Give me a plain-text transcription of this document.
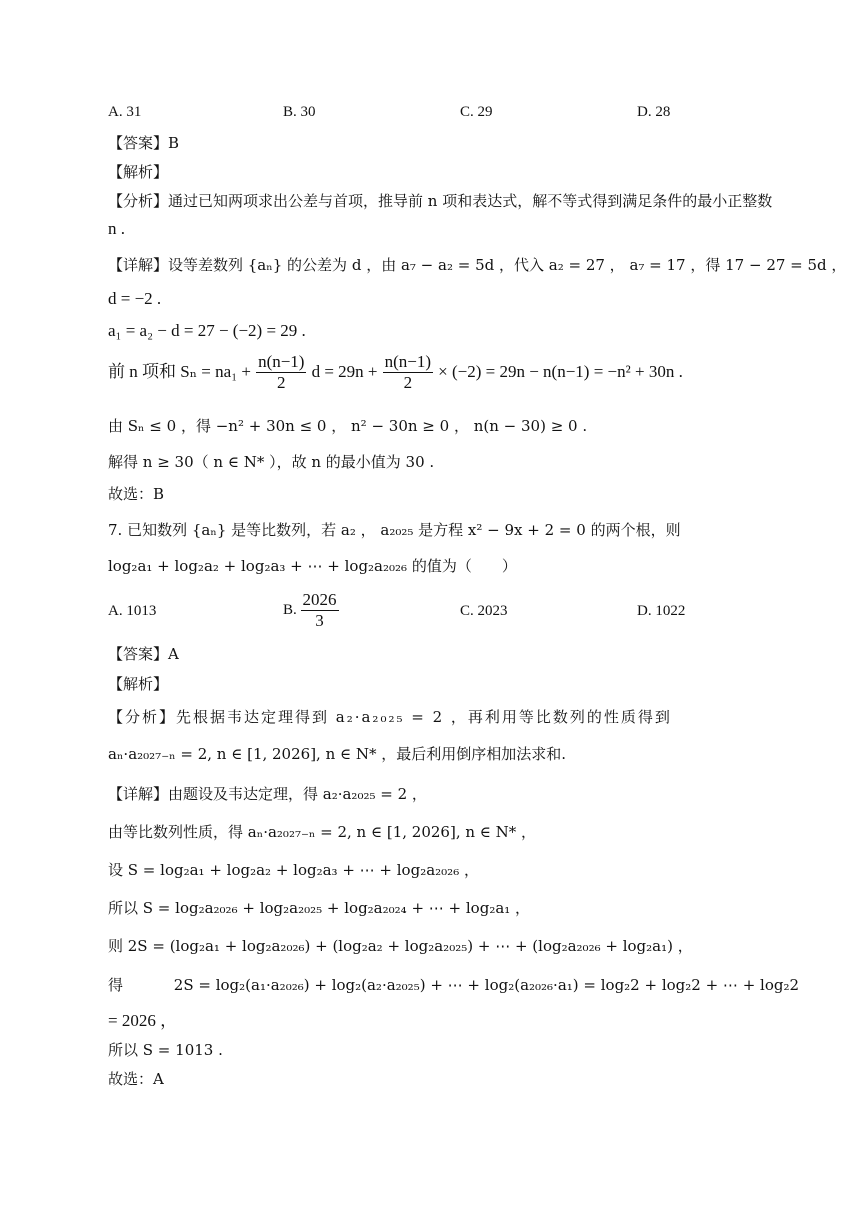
A. 31	B. 30	C. 29	D. 28
【答案】B
【解析】
【分析】通过已知两项求出公差与首项，推导前 n 项和表达式，解不等式得到满足条件的最小正整数
n .
【详解】设等差数列 {aₙ} 的公差为 d ，由 a₇ − a₂ = 5d ，代入 a₂ = 27 ， a₇ = 17 ，得 17 − 27 = 5d ，
d = −2 .
a₁ = a₂ − d = 27 − (−2) = 29 .
前 n 项和 $S_n = na_1 + \frac{n(n-1)}{2}$ $d = 29n + \frac{n(n-1)}{2} \times (-2) = 29n - n(n-1) = -n^2 + 30n$ .
由 Sₙ ≤ 0 ，得 −n² + 30n ≤ 0 ， n² − 30n ≥ 0 ， n(n − 30) ≥ 0 .
解得 n ≥ 30（ n ∈ N* ），故 n 的最小值为 30 .
故选：B
7. 已知数列 {aₙ} 是等比数列，若 a₂ ， a₂₀₂₅ 是方程 x² − 9x + 2 = 0 的两个根，则
log₂a₁ + log₂a₂ + log₂a₃ + ⋯ + log₂a₂₀₂₆ 的值为（　　）
A. 1013	B. $\frac{2026}{3}$	C. 2023	D. 1022
【答案】A
【解析】
【分析】先根据韦达定理得到 a₂·a₂₀₂₅ = 2 ，再利用等比数列的性质得到
aₙ·a₂₀₂₇₋ₙ = 2, n ∈ [1, 2026], n ∈ N* ，最后利用倒序相加法求和.
【详解】由题设及韦达定理，得 a₂·a₂₀₂₅ = 2 ，
由等比数列性质，得 aₙ·a₂₀₂₇₋ₙ = 2, n ∈ [1, 2026], n ∈ N* ，
设 S = log₂a₁ + log₂a₂ + log₂a₃ + ⋯ + log₂a₂₀₂₆ ，
所以 S = log₂a₂₀₂₆ + log₂a₂₀₂₅ + log₂a₂₀₂₄ + ⋯ + log₂a₁ ，
则 2S = (log₂a₁ + log₂a₂₀₂₆) + (log₂a₂ + log₂a₂₀₂₅) + ⋯ + (log₂a₂₀₂₆ + log₂a₁) ，
得	2S = log₂(a₁·a₂₀₂₆) + log₂(a₂·a₂₀₂₅) + ⋯ + log₂(a₂₀₂₆·a₁) = log₂2 + log₂2 + ⋯ + log₂2
= 2026 ，
所以 S = 1013 .
故选：A
